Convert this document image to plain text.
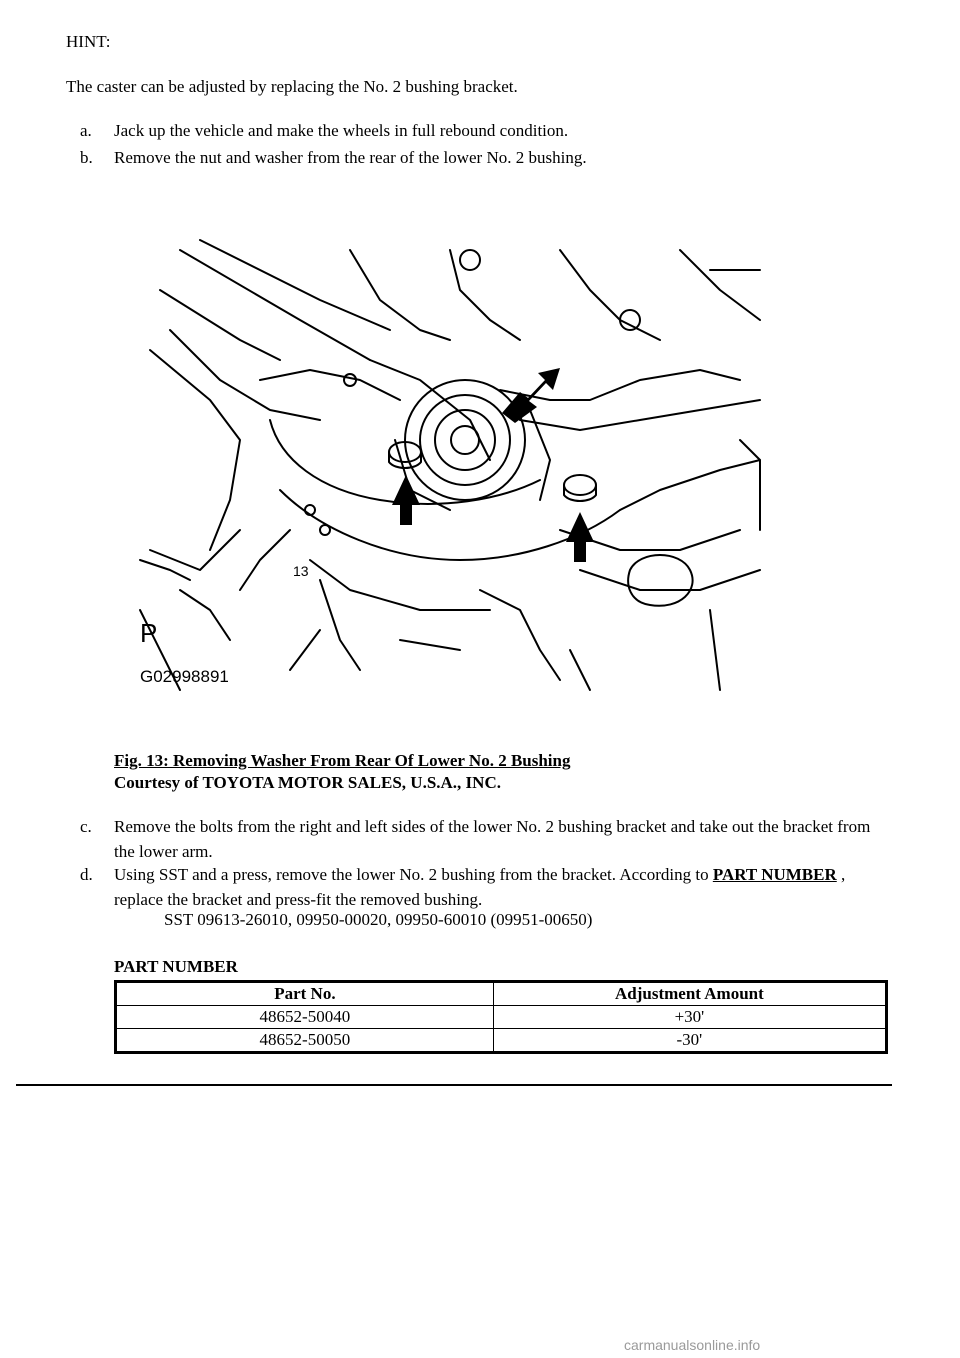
HINT:
The caster can be adjusted by replacing the No. 2 bushing bracket.
a. Jack up the vehicle and make the wheels in full rebound condition.
b. Remove the nut and washer from the rear of the lower No. 2 bushing.
13
P
G02998891
Fig. 13: Removing Washer From Rear Of Lower No. 2 Bushing
Courtesy of TOYOTA MOTOR SALES, U.S.A., INC.
c. Remove the bolts from the right and left sides of the lower No. 2 bushing bracket and take out the bracket from the lower arm.
d. Using SST and a press, remove the lower No. 2 bushing from the bracket. According to PART NUMBER , replace the bracket and press-fit the removed bushing.
SST 09613-26010, 09950-00020, 09950-60010 (09951-00650)
PART NUMBER
Part No.	Adjustment Amount
48652-50040	+30'
48652-50050	-30'
carmanualsonline.info
